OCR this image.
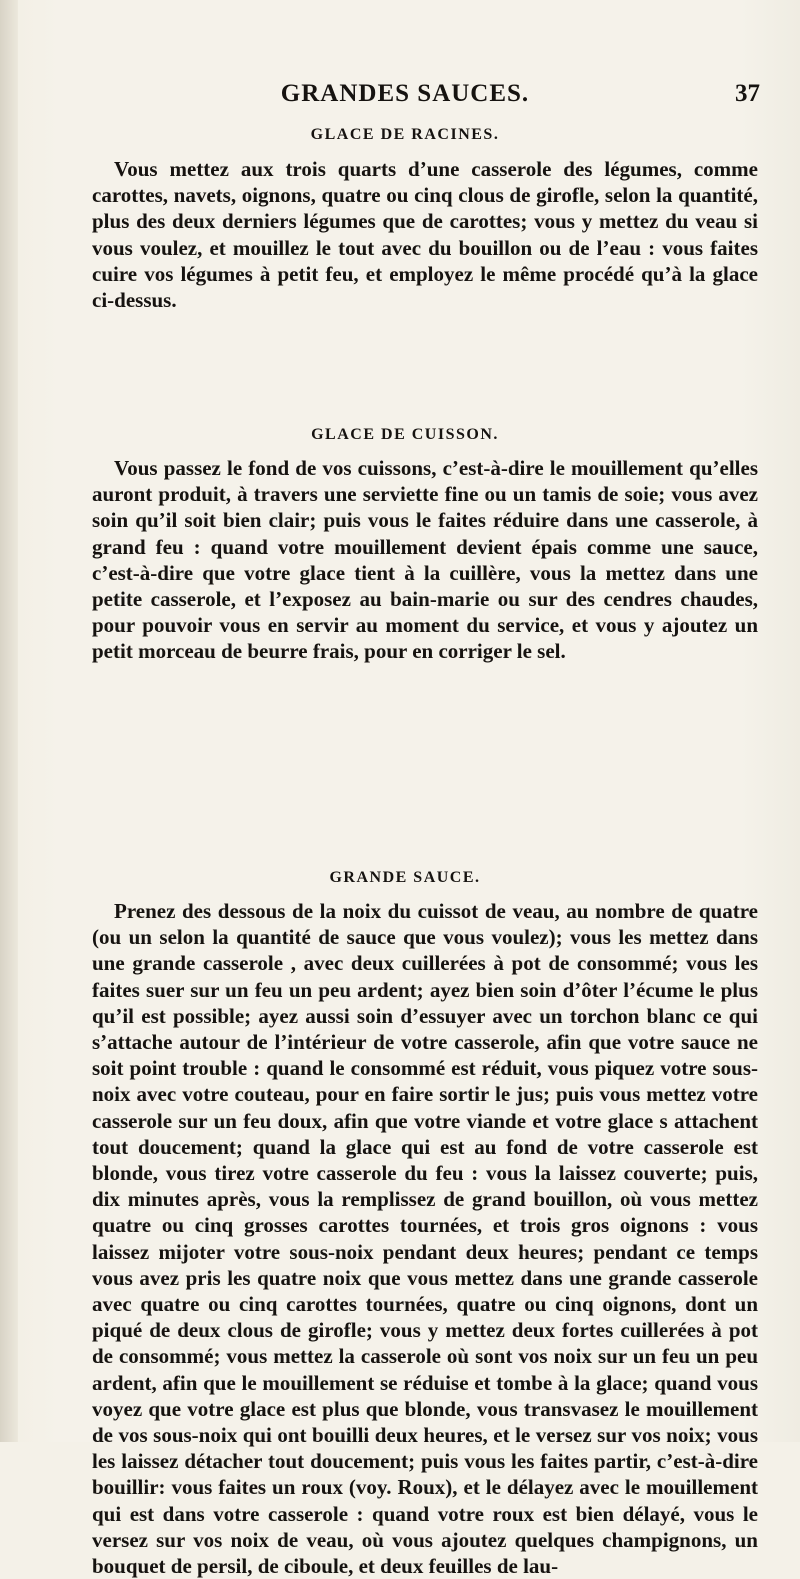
GRANDES SAUCES.	37
GLACE DE RACINES.

Vous mettez aux trois quarts d’une casserole des légumes, comme carottes, navets, oignons, quatre ou cinq clous de girofle, selon la quantité, plus des deux derniers légumes que de carottes; vous y mettez du veau si vous voulez, et mouillez le tout avec du bouillon ou de l’eau : vous faites cuire vos légumes à petit feu, et employez le même procédé qu’à la glace ci-dessus.

GLACE DE CUISSON.

Vous passez le fond de vos cuissons, c’est-à-dire le mouillement qu’elles auront produit, à travers une serviette fine ou un tamis de soie; vous avez soin qu’il soit bien clair; puis vous le faites réduire dans une casserole, à grand feu : quand votre mouillement devient épais comme une sauce, c’est-à-dire que votre glace tient à la cuillère, vous la mettez dans une petite casserole, et l’exposez au bain-marie ou sur des cendres chaudes, pour pouvoir vous en servir au moment du service, et vous y ajoutez un petit morceau de beurre frais, pour en corriger le sel.

GRANDE SAUCE.

Prenez des dessous de la noix du cuissot de veau, au nombre de quatre (ou un selon la quantité de sauce que vous voulez); vous les mettez dans une grande casserole , avec deux cuillerées à pot de consommé; vous les faites suer sur un feu un peu ardent; ayez bien soin d’ôter l’écume le plus qu’il est possible; ayez aussi soin d’essuyer avec un torchon blanc ce qui s’attache autour de l’intérieur de votre casserole, afin que votre sauce ne soit point trouble : quand le consommé est réduit, vous piquez votre sous-noix avec votre couteau, pour en faire sortir le jus; puis vous mettez votre casserole sur un feu doux, afin que votre viande et votre glace s attachent tout doucement; quand la glace qui est au fond de votre casserole est blonde, vous tirez votre casserole du feu : vous la laissez couverte; puis, dix minutes après, vous la remplissez de grand bouillon, où vous mettez quatre ou cinq grosses carottes tournées, et trois gros oignons : vous laissez mijoter votre sous-noix pendant deux heures; pendant ce temps vous avez pris les quatre noix que vous mettez dans une grande casserole avec quatre ou cinq carottes tournées, quatre ou cinq oignons, dont un piqué de deux clous de girofle; vous y mettez deux fortes cuillerées à pot de consommé; vous mettez la casserole où sont vos noix sur un feu un peu ardent, afin que le mouillement se réduise et tombe à la glace; quand vous voyez que votre glace est plus que blonde, vous transvasez le mouillement de vos sous-noix qui ont bouilli deux heures, et le versez sur vos noix; vous les laissez détacher tout doucement; puis vous les faites partir, c’est-à-dire bouillir: vous faites un roux (voy. Roux), et le délayez avec le mouillement qui est dans votre casserole : quand votre roux est bien délayé, vous le versez sur vos noix de veau, où vous ajoutez quelques champignons, un bouquet de persil, de ciboule, et deux feuilles de lau-
